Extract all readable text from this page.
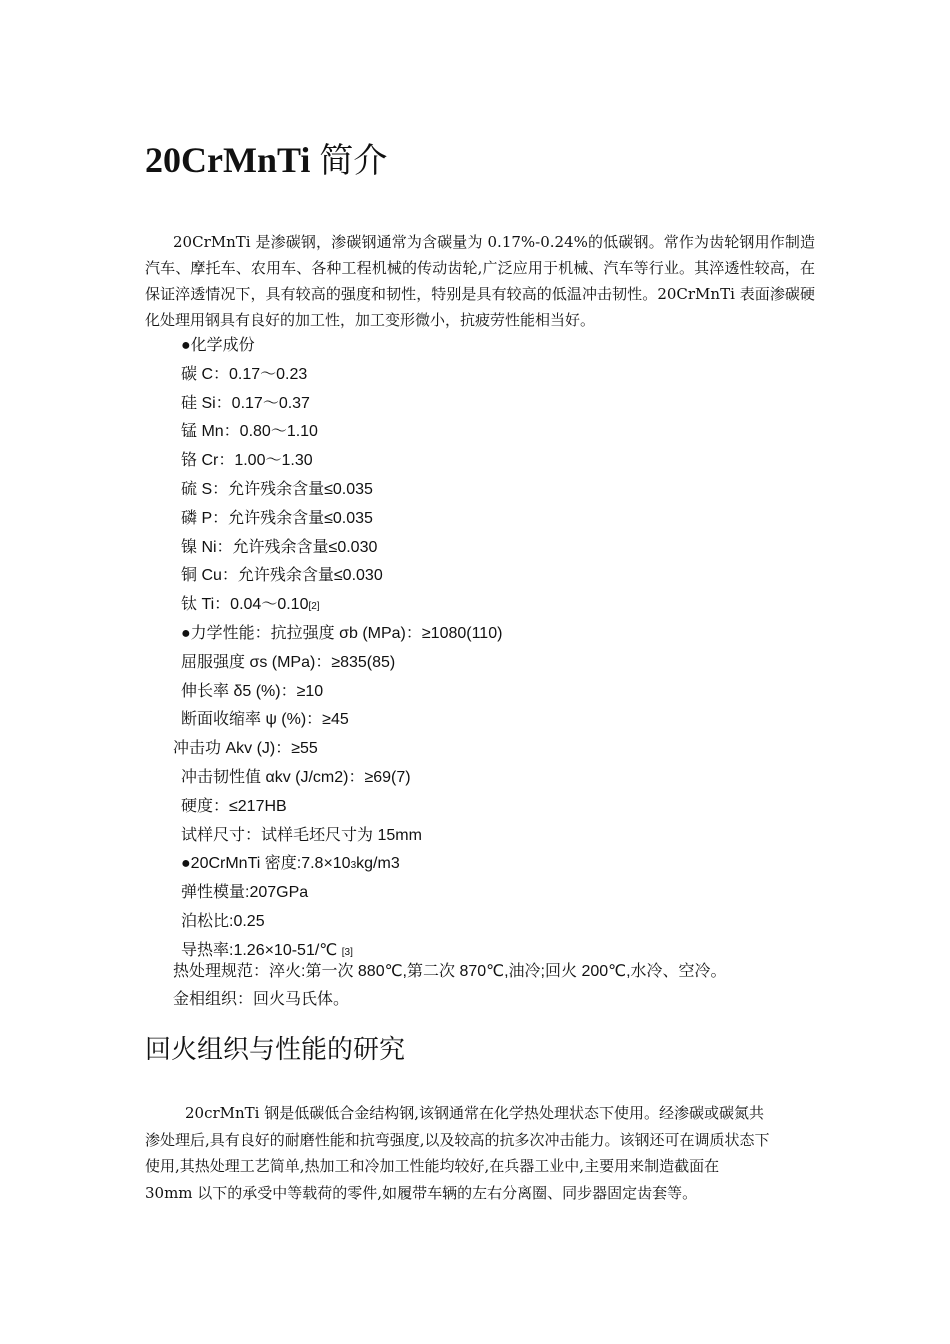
20CrMnTi 简介

20CrMnTi 是渗碳钢，渗碳钢通常为含碳量为 0.17%-0.24%的低碳钢。常作为齿轮钢用作制造汽车、摩托车、农用车、各种工程机械的传动齿轮,广泛应用于机械、汽车等行业。其淬透性较高，在保证淬透情况下，具有较高的强度和韧性，特别是具有较高的低温冲击韧性。20CrMnTi 表面渗碳硬化处理用钢具有良好的加工性，加工变形微小，抗疲劳性能相当好。

●化学成份
碳 C：0.17～0.23
硅 Si：0.17～0.37
锰 Mn：0.80～1.10
铬 Cr：1.00～1.30
硫 S：允许残余含量≤0.035
磷 P：允许残余含量≤0.035
镍 Ni：允许残余含量≤0.030
铜 Cu：允许残余含量≤0.030
钛 Ti：0.04～0.10[2]
●力学性能：抗拉强度 σb (MPa)：≥1080(110)
屈服强度 σs (MPa)：≥835(85)
伸长率 δ5 (%)：≥10
断面收缩率 ψ (%)：≥45
冲击功 Akv (J)：≥55
冲击韧性值 αkv (J/cm2)：≥69(7)
硬度：≤217HB
试样尺寸：试样毛坯尺寸为 15mm
●20CrMnTi 密度:7.8×103kg/m3
弹性模量:207GPa
泊松比:0.25
导热率:1.26×10-51/℃ [3]
热处理规范：淬火:第一次 880℃,第二次 870℃,油冷;回火 200℃,水冷、空冷。
金相组织：回火马氏体。
回火组织与性能的研究

20crMnTi 钢是低碳低合金结构钢,该钢通常在化学热处理状态下使用。经渗碳或碳氮共渗处理后,具有良好的耐磨性能和抗弯强度,以及较高的抗多次冲击能力。该钢还可在调质状态下使用,其热处理工艺简单,热加工和冷加工性能均较好,在兵器工业中,主要用来制造截面在 30mm 以下的承受中等载荷的零件,如履带车辆的左右分离圈、同步器固定齿套等。
